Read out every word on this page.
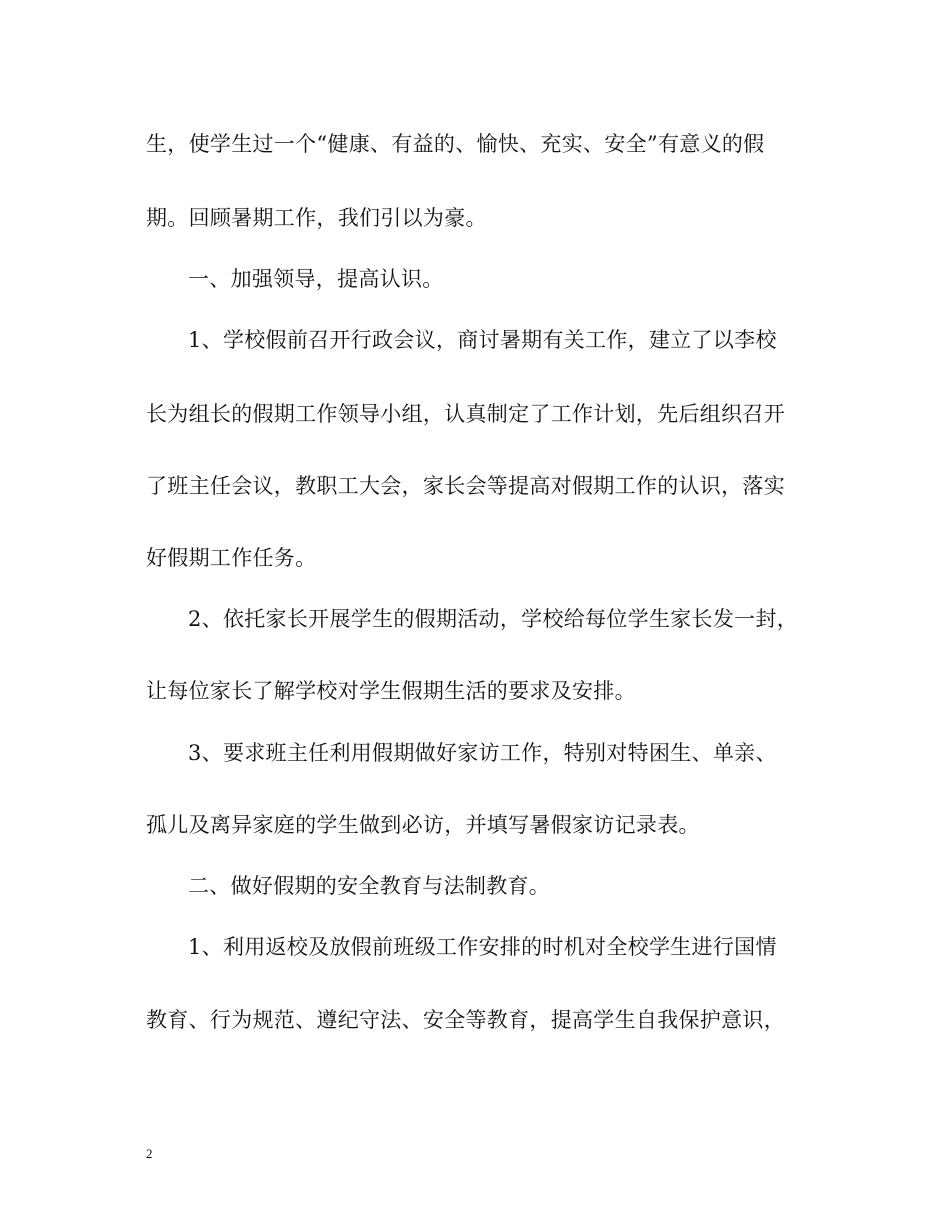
生，使学生过一个“健康、有益的、愉快、充实、安全”有意义的假
期。回顾暑期工作，我们引以为豪。
一、加强领导，提高认识。
1、学校假前召开行政会议，商讨暑期有关工作，建立了以李校
长为组长的假期工作领导小组，认真制定了工作计划，先后组织召开
了班主任会议，教职工大会，家长会等提高对假期工作的认识，落实
好假期工作任务。
2、依托家长开展学生的假期活动，学校给每位学生家长发一封，
让每位家长了解学校对学生假期生活的要求及安排。
3、要求班主任利用假期做好家访工作，特别对特困生、单亲、
孤儿及离异家庭的学生做到必访，并填写暑假家访记录表。
二、做好假期的安全教育与法制教育。
1、利用返校及放假前班级工作安排的时机对全校学生进行国情
教育、行为规范、遵纪守法、安全等教育，提高学生自我保护意识，
2
